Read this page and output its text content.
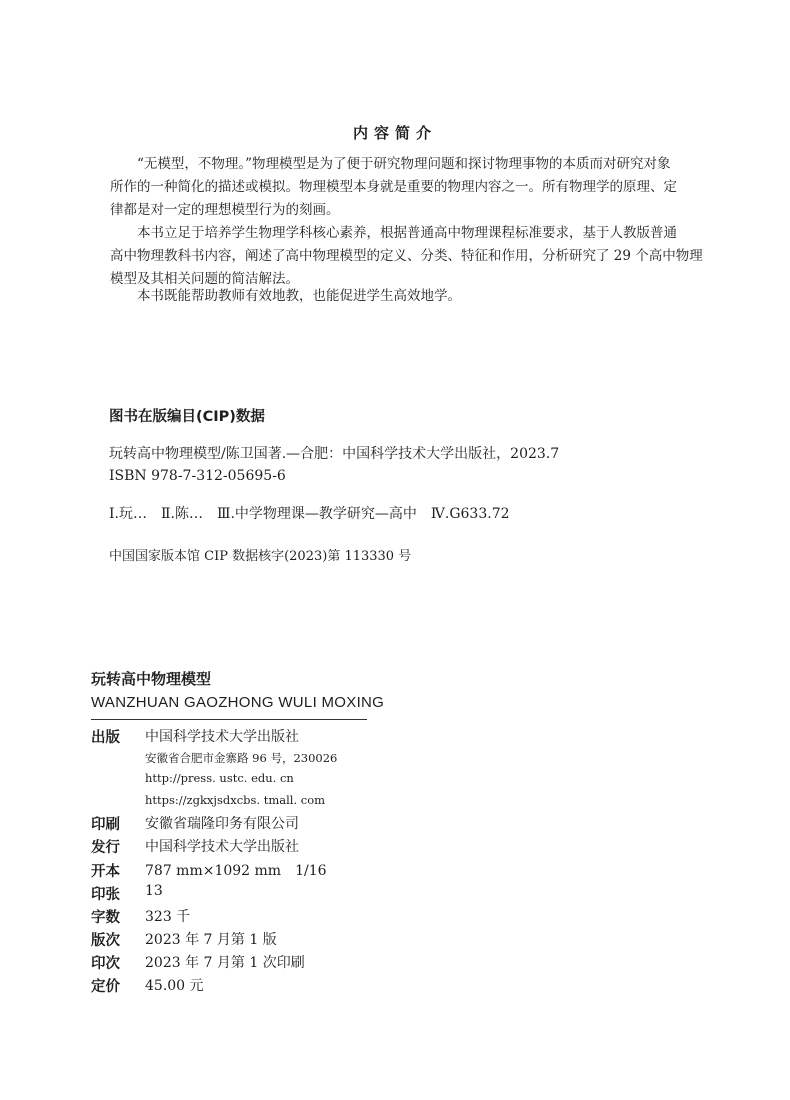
内容简介

“无模型，不物理。”物理模型是为了便于研究物理问题和探讨物理事物的本质而对研究对象

所作的一种简化的描述或模拟。物理模型本身就是重要的物理内容之一。所有物理学的原理、定

律都是对一定的理想模型行为的刻画。

本书立足于培养学生物理学科核心素养，根据普通高中物理课程标准要求，基于人教版普通

高中物理教科书内容，阐述了高中物理模型的定义、分类、特征和作用，分析研究了 29 个高中物理

模型及其相关问题的简洁解法。

本书既能帮助教师有效地教，也能促进学生高效地学。

图书在版编目(CIP)数据
玩转高中物理模型/陈卫国著.—合肥：中国科学技术大学出版社，2023.7
ISBN 978-7-312-05695-6
Ⅰ.玩…　Ⅱ.陈…　Ⅲ.中学物理课—教学研究—高中　Ⅳ.G633.72
中国国家版本馆 CIP 数据核字(2023)第 113330 号
玩转高中物理模型
WANZHUAN GAOZHONG WULI MOXING
出版 中国科学技术大学出版社
安徽省合肥市金寨路 96 号，230026
http://press. ustc. edu. cn
https://zgkxjsdxcbs. tmall. com
印刷 安徽省瑞隆印务有限公司
发行 中国科学技术大学出版社
开本 787 mm×1092 mm　1/16
印张 13
字数 323 千
版次 2023 年 7 月第 1 版
印次 2023 年 7 月第 1 次印刷
定价 45.00 元
